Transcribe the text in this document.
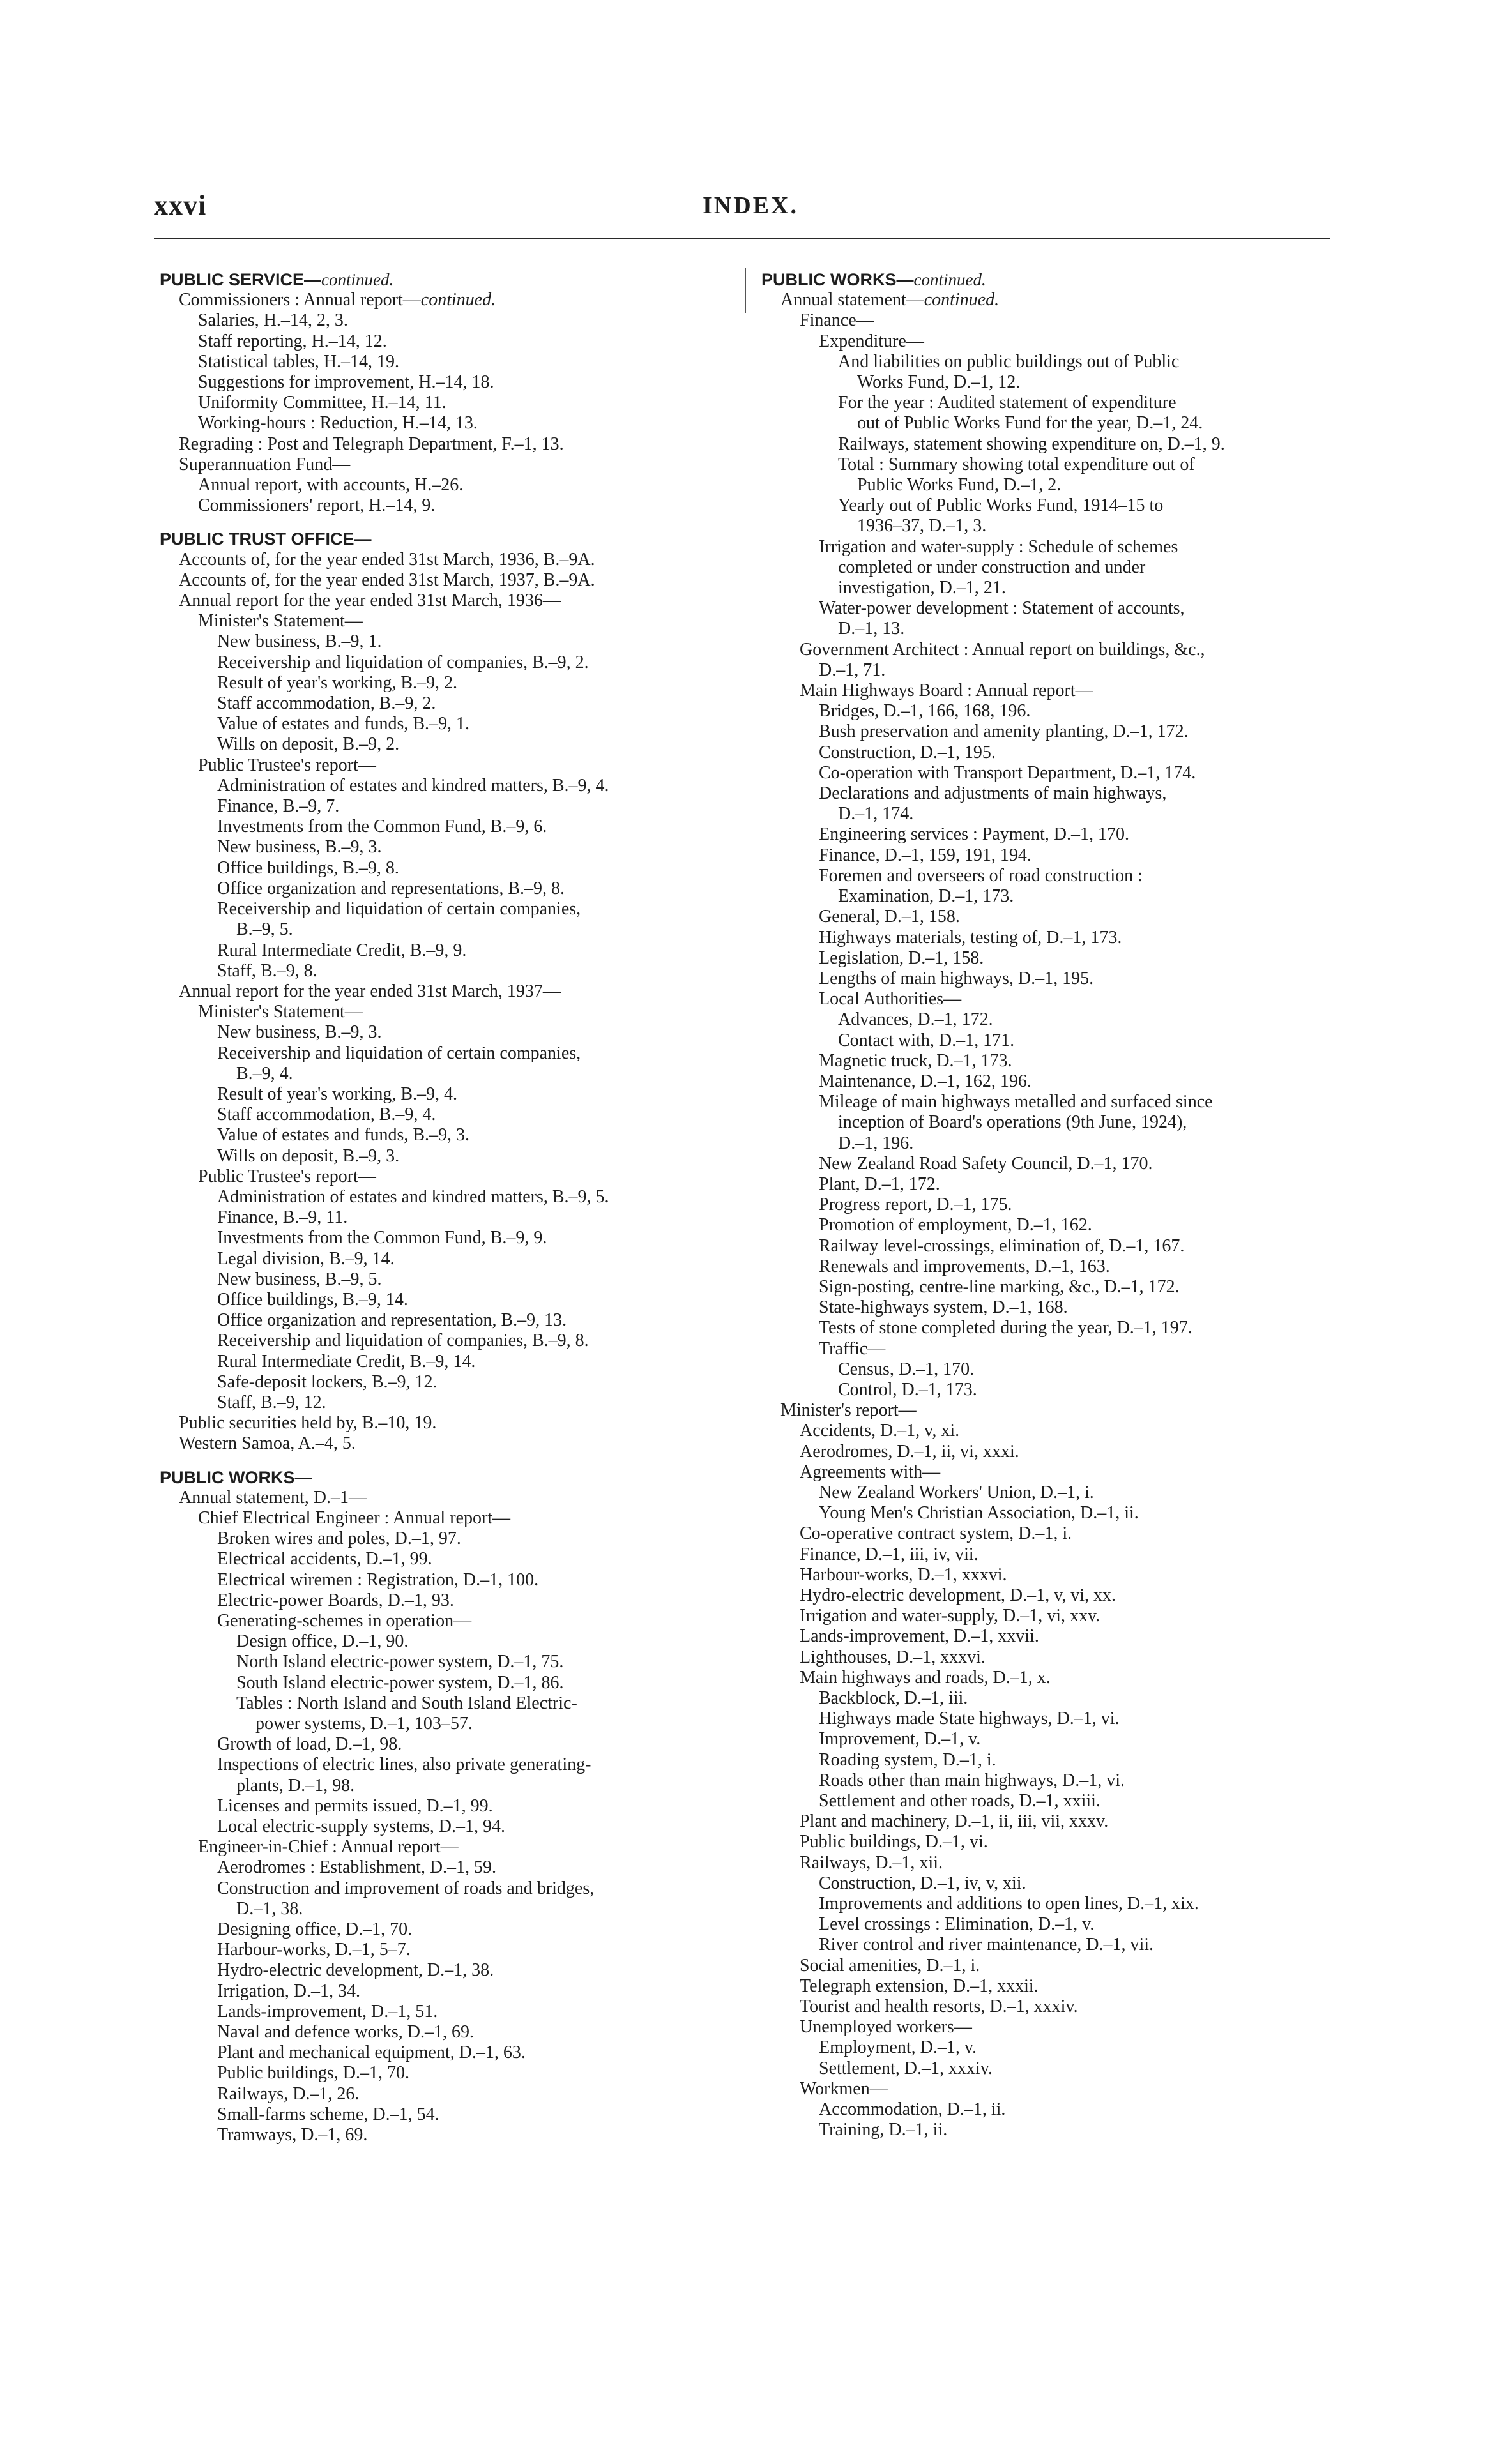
xxvi	INDEX.
PUBLIC SERVICE—continued.
Commissioners : Annual report—continued.
Salaries, H.–14, 2, 3.
Staff reporting, H.–14, 12.
Statistical tables, H.–14, 19.
Suggestions for improvement, H.–14, 18.
Uniformity Committee, H.–14, 11.
Working-hours : Reduction, H.–14, 13.
Regrading : Post and Telegraph Department, F.–1, 13.
Superannuation Fund—
Annual report, with accounts, H.–26.
Commissioners' report, H.–14, 9.
PUBLIC TRUST OFFICE—
Accounts of, for the year ended 31st March, 1936, B.–9A.
Accounts of, for the year ended 31st March, 1937, B.–9A.
Annual report for the year ended 31st March, 1936—
Minister's Statement—
New business, B.–9, 1.
Receivership and liquidation of companies, B.–9, 2.
Result of year's working, B.–9, 2.
Staff accommodation, B.–9, 2.
Value of estates and funds, B.–9, 1.
Wills on deposit, B.–9, 2.
Public Trustee's report—
Administration of estates and kindred matters, B.–9, 4.
Finance, B.–9, 7.
Investments from the Common Fund, B.–9, 6.
New business, B.–9, 3.
Office buildings, B.–9, 8.
Office organization and representations, B.–9, 8.
Receivership and liquidation of certain companies,
B.–9, 5.
Rural Intermediate Credit, B.–9, 9.
Staff, B.–9, 8.
Annual report for the year ended 31st March, 1937—
Minister's Statement—
New business, B.–9, 3.
Receivership and liquidation of certain companies,
B.–9, 4.
Result of year's working, B.–9, 4.
Staff accommodation, B.–9, 4.
Value of estates and funds, B.–9, 3.
Wills on deposit, B.–9, 3.
Public Trustee's report—
Administration of estates and kindred matters, B.–9, 5.
Finance, B.–9, 11.
Investments from the Common Fund, B.–9, 9.
Legal division, B.–9, 14.
New business, B.–9, 5.
Office buildings, B.–9, 14.
Office organization and representation, B.–9, 13.
Receivership and liquidation of companies, B.–9, 8.
Rural Intermediate Credit, B.–9, 14.
Safe-deposit lockers, B.–9, 12.
Staff, B.–9, 12.
Public securities held by, B.–10, 19.
Western Samoa, A.–4, 5.
PUBLIC WORKS—
Annual statement, D.–1—
Chief Electrical Engineer : Annual report—
Broken wires and poles, D.–1, 97.
Electrical accidents, D.–1, 99.
Electrical wiremen : Registration, D.–1, 100.
Electric-power Boards, D.–1, 93.
Generating-schemes in operation—
Design office, D.–1, 90.
North Island electric-power system, D.–1, 75.
South Island electric-power system, D.–1, 86.
Tables : North Island and South Island Electric-
power systems, D.–1, 103–57.
Growth of load, D.–1, 98.
Inspections of electric lines, also private generating-
plants, D.–1, 98.
Licenses and permits issued, D.–1, 99.
Local electric-supply systems, D.–1, 94.
Engineer-in-Chief : Annual report—
Aerodromes : Establishment, D.–1, 59.
Construction and improvement of roads and bridges,
D.–1, 38.
Designing office, D.–1, 70.
Harbour-works, D.–1, 5–7.
Hydro-electric development, D.–1, 38.
Irrigation, D.–1, 34.
Lands-improvement, D.–1, 51.
Naval and defence works, D.–1, 69.
Plant and mechanical equipment, D.–1, 63.
Public buildings, D.–1, 70.
Railways, D.–1, 26.
Small-farms scheme, D.–1, 54.
Tramways, D.–1, 69.
PUBLIC WORKS—continued.
Annual statement—continued.
Finance—
Expenditure—
And liabilities on public buildings out of Public
Works Fund, D.–1, 12.
For the year : Audited statement of expenditure
out of Public Works Fund for the year, D.–1, 24.
Railways, statement showing expenditure on, D.–1, 9.
Total : Summary showing total expenditure out of
Public Works Fund, D.–1, 2.
Yearly out of Public Works Fund, 1914–15 to
1936–37, D.–1, 3.
Irrigation and water-supply : Schedule of schemes
completed or under construction and under
investigation, D.–1, 21.
Water-power development : Statement of accounts,
D.–1, 13.
Government Architect : Annual report on buildings, &c.,
D.–1, 71.
Main Highways Board : Annual report—
Bridges, D.–1, 166, 168, 196.
Bush preservation and amenity planting, D.–1, 172.
Construction, D.–1, 195.
Co-operation with Transport Department, D.–1, 174.
Declarations and adjustments of main highways,
D.–1, 174.
Engineering services : Payment, D.–1, 170.
Finance, D.–1, 159, 191, 194.
Foremen and overseers of road construction :
Examination, D.–1, 173.
General, D.–1, 158.
Highways materials, testing of, D.–1, 173.
Legislation, D.–1, 158.
Lengths of main highways, D.–1, 195.
Local Authorities—
Advances, D.–1, 172.
Contact with, D.–1, 171.
Magnetic truck, D.–1, 173.
Maintenance, D.–1, 162, 196.
Mileage of main highways metalled and surfaced since
inception of Board's operations (9th June, 1924),
D.–1, 196.
New Zealand Road Safety Council, D.–1, 170.
Plant, D.–1, 172.
Progress report, D.–1, 175.
Promotion of employment, D.–1, 162.
Railway level-crossings, elimination of, D.–1, 167.
Renewals and improvements, D.–1, 163.
Sign-posting, centre-line marking, &c., D.–1, 172.
State-highways system, D.–1, 168.
Tests of stone completed during the year, D.–1, 197.
Traffic—
Census, D.–1, 170.
Control, D.–1, 173.
Minister's report—
Accidents, D.–1, v, xi.
Aerodromes, D.–1, ii, vi, xxxi.
Agreements with—
New Zealand Workers' Union, D.–1, i.
Young Men's Christian Association, D.–1, ii.
Co-operative contract system, D.–1, i.
Finance, D.–1, iii, iv, vii.
Harbour-works, D.–1, xxxvi.
Hydro-electric development, D.–1, v, vi, xx.
Irrigation and water-supply, D.–1, vi, xxv.
Lands-improvement, D.–1, xxvii.
Lighthouses, D.–1, xxxvi.
Main highways and roads, D.–1, x.
Backblock, D.–1, iii.
Highways made State highways, D.–1, vi.
Improvement, D.–1, v.
Roading system, D.–1, i.
Roads other than main highways, D.–1, vi.
Settlement and other roads, D.–1, xxiii.
Plant and machinery, D.–1, ii, iii, vii, xxxv.
Public buildings, D.–1, vi.
Railways, D.–1, xii.
Construction, D.–1, iv, v, xii.
Improvements and additions to open lines, D.–1, xix.
Level crossings : Elimination, D.–1, v.
River control and river maintenance, D.–1, vii.
Social amenities, D.–1, i.
Telegraph extension, D.–1, xxxii.
Tourist and health resorts, D.–1, xxxiv.
Unemployed workers—
Employment, D.–1, v.
Settlement, D.–1, xxxiv.
Workmen—
Accommodation, D.–1, ii.
Training, D.–1, ii.
